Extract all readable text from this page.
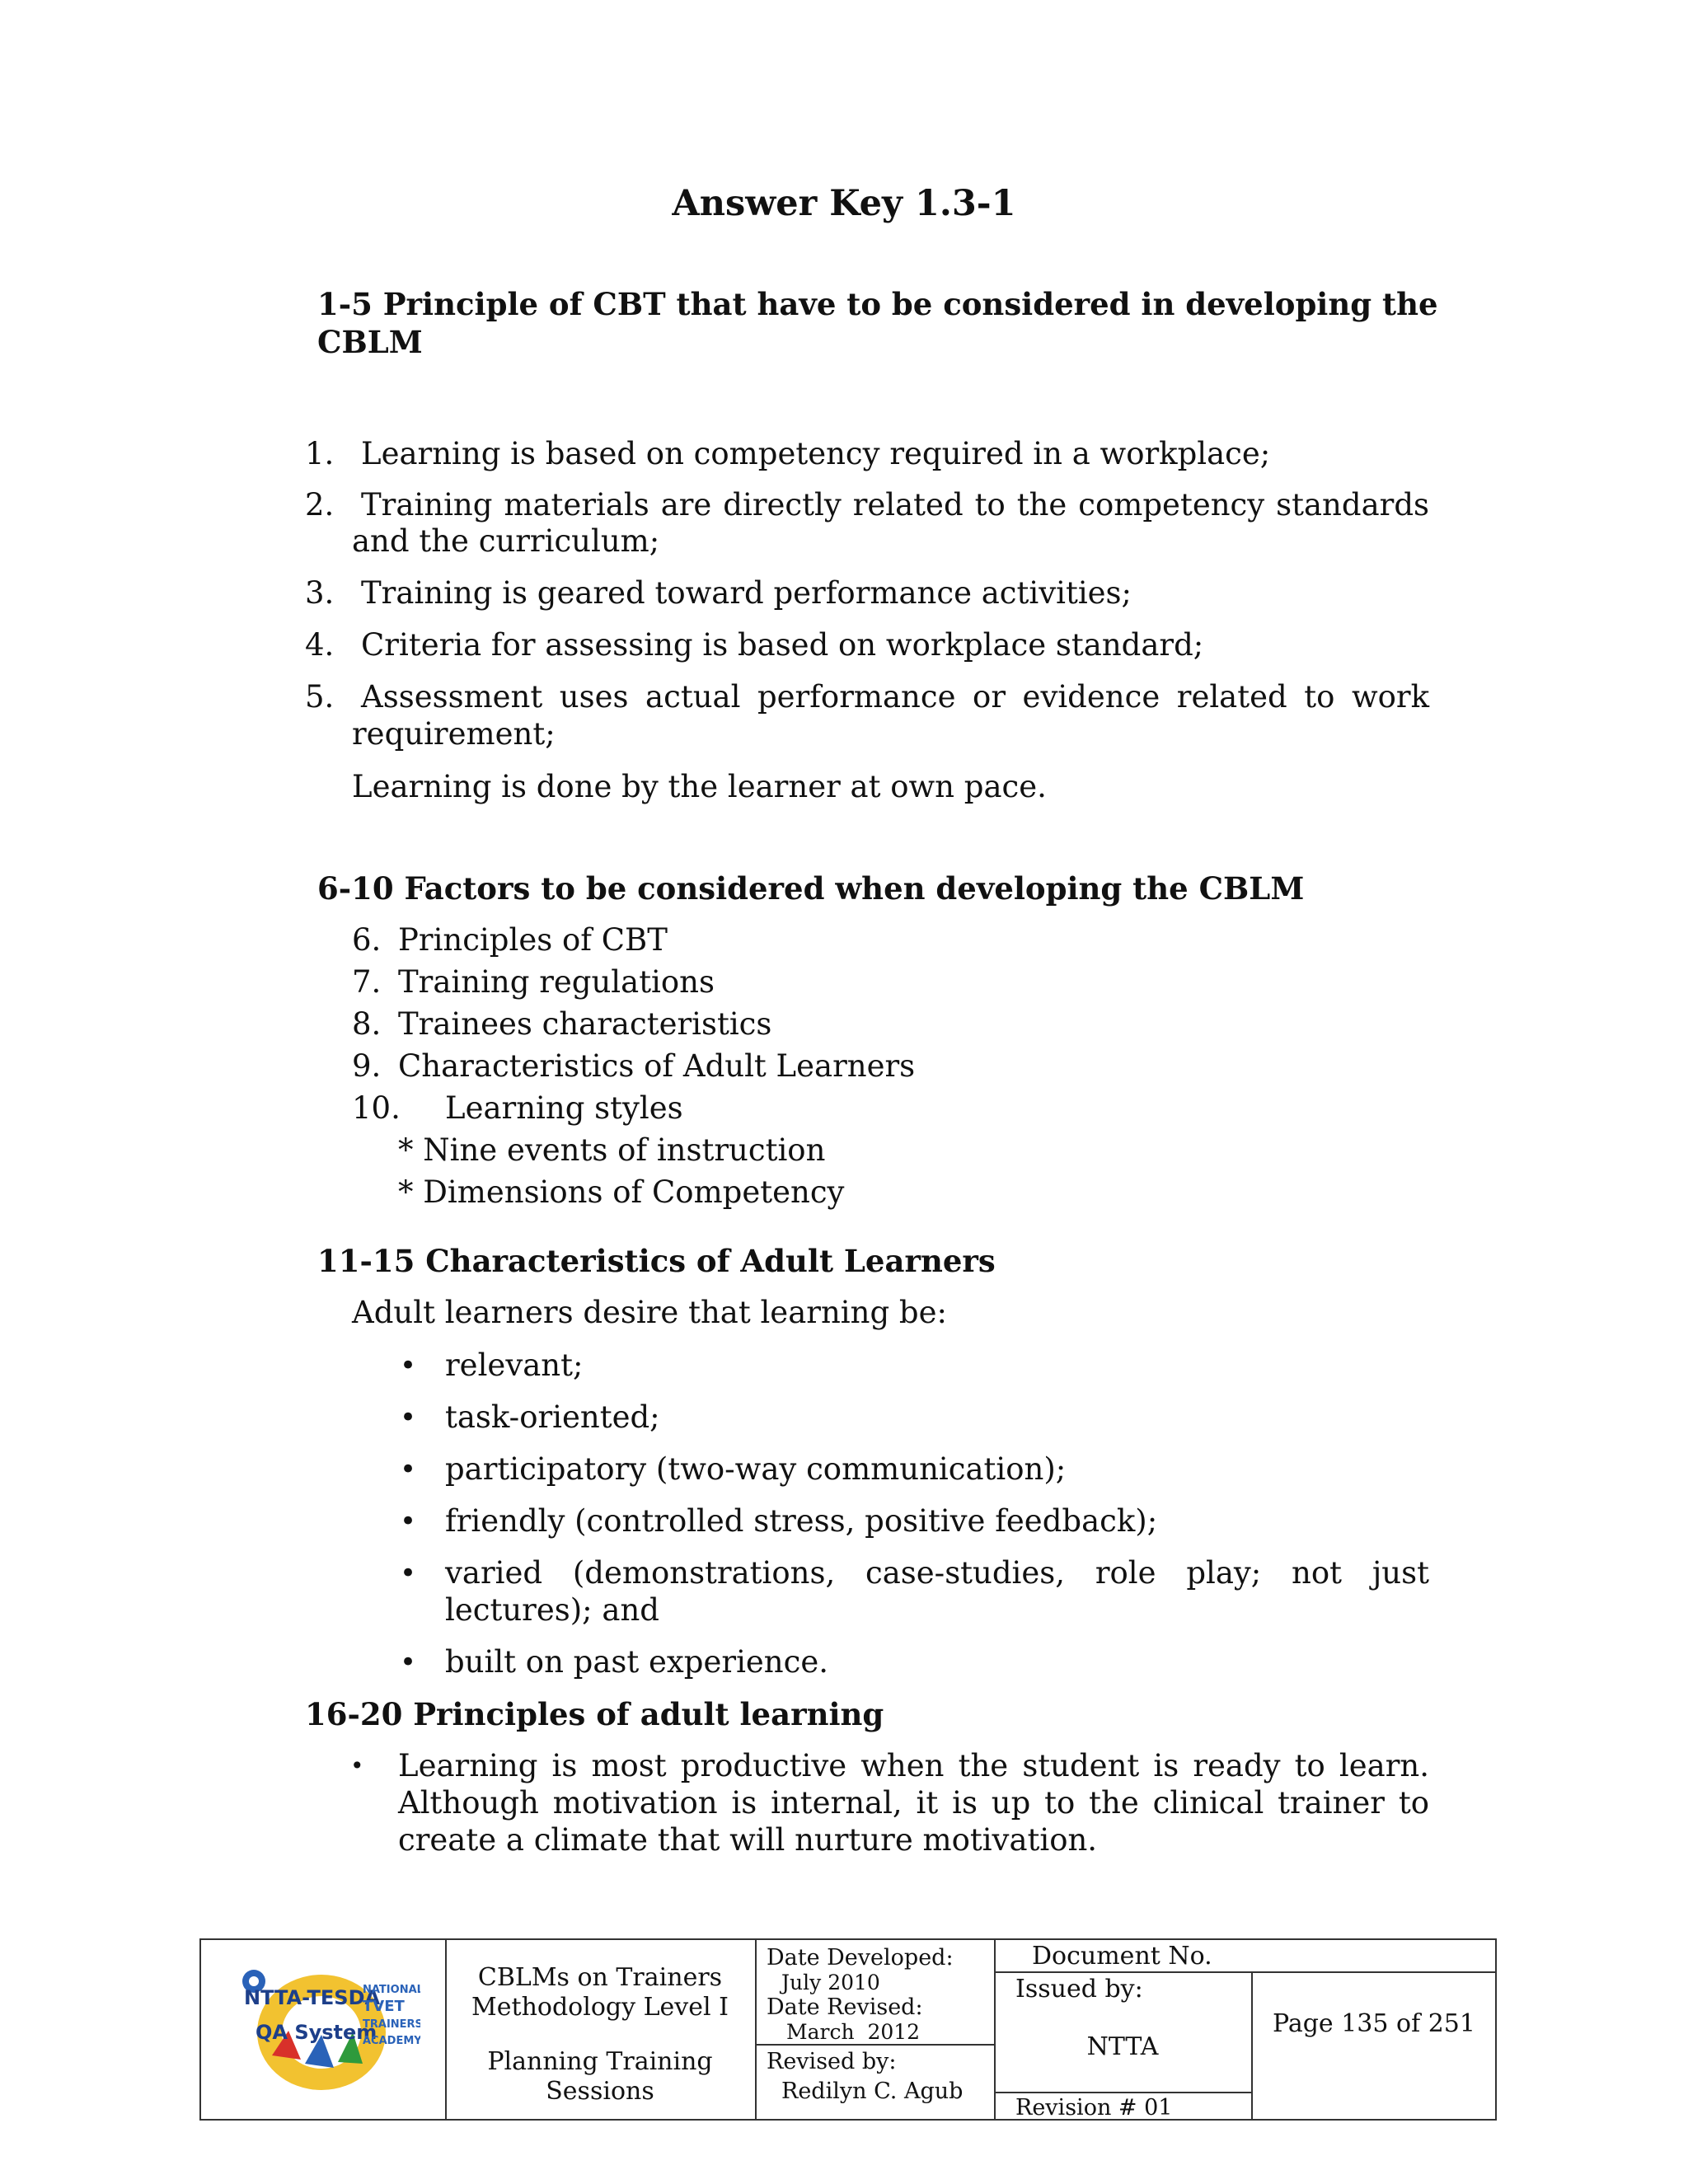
Answer Key 1.3-1
1-5 Principle of CBT that have to be considered in developing the
CBLM
1. Learning is based on competency required in a workplace;
2. Training materials are directly related to the competency standards
and the curriculum;
3. Training is geared toward performance activities;
4. Criteria for assessing is based on workplace standard;
5. Assessment uses actual performance or evidence related to work
requirement;
Learning is done by the learner at own pace.
6-10 Factors to be considered when developing the CBLM
6. Principles of CBT
7. Training regulations
8. Trainees characteristics
9. Characteristics of Adult Learners
10. Learning styles
* Nine events of instruction
* Dimensions of Competency
11-15 Characteristics of Adult Learners
Adult learners desire that learning be:
• relevant;
• task-oriented;
• participatory (two-way communication);
• friendly (controlled stress, positive feedback);
• varied (demonstrations, case-studies, role play; not just
lectures); and
• built on past experience.
16-20 Principles of adult learning
• Learning is most productive when the student is ready to learn.
Although motivation is internal, it is up to the clinical trainer to
create a climate that will nurture motivation.
NTTA-TESDA
QA System
NATIONAL
TVET
TRAINERS
ACADEMY
CBLMs on Trainers
Methodology Level I
Planning Training
Sessions
Date Developed:
July 2010
Date Revised:
March  2012
Revised by:
Redilyn C. Agub
Document No.
Issued by:
NTTA
Revision # 01
Page 135 of 251
